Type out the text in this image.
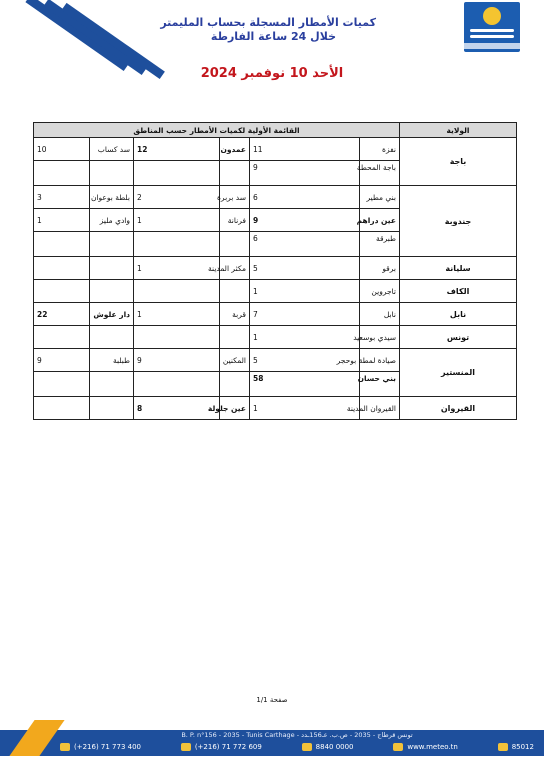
كميات الأمطار المسجلة بحساب المليمتر
خلال 24 ساعة الفارطة
الأحد 10 نوفمبر 2024
القائمة الأولية لكميات الأمطار حسب المناطق						الولاية
10	سد كساب	12	عمدون	11	نفزة	باجة
				9	باجة المحطة	
3	بلطة بوعوان	2	سد بربرة	6	بني مطير	جندوبة
1	وادي مليز	1	فرنانة	9	عين دراهم	
				6	طبرقة	
		1	مكثر المدينة	5	برقو	سليانة
				1	تاجروين	الكاف
22	دار علوش	1	قربة	7	نابل	نابل
				1	سيدي بوسعيد	تونس
9	طبلبة	9	المكنين	5	صيادة لمطة بوحجر	المنستير
				58	بني حسان	
		8	عين جلولة	1	القيروان المدينة	القيروان
صفحة 1/1
B. P. n°156 - 2035 - Tunis Carthage - تونس قرطاج - 2035 - ص.ب. عـ156ـدد
(+216) 71 773 400	(+216) 71 772 609	8840 0000	www.meteo.tn	85012
